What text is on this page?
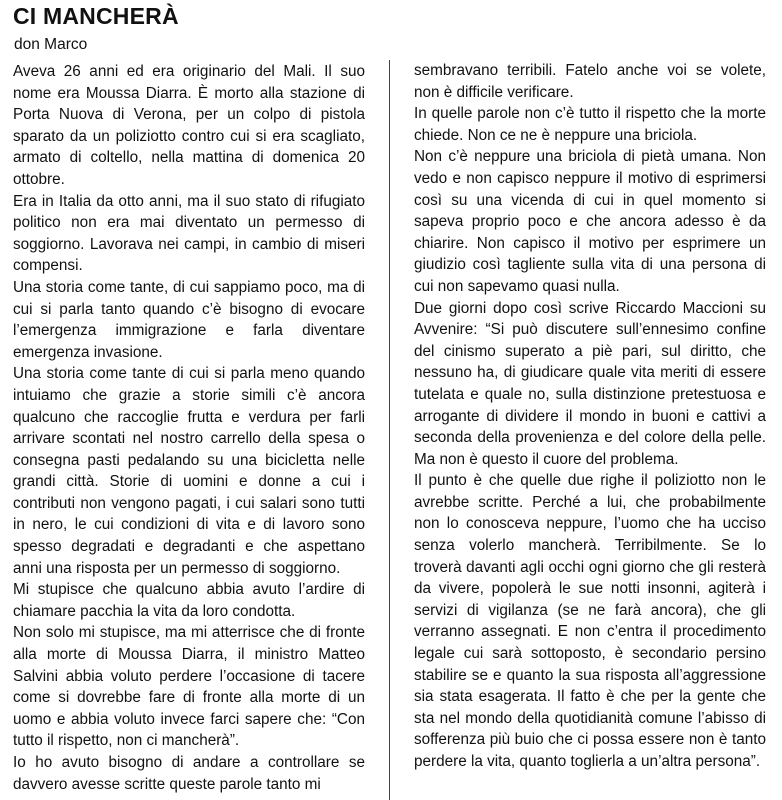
CI MANCHERÀ
don Marco

Aveva 26 anni ed era originario del Mali. Il suo nome era Moussa Diarra. È morto alla stazione di Porta Nuova di Verona, per un colpo di pistola sparato da un poliziotto contro cui si era scagliato, armato di coltello, nella mattina di domenica 20 ottobre.

Era in Italia da otto anni, ma il suo stato di rifugiato politico non era mai diventato un permesso di soggiorno. Lavorava nei campi, in cambio di miseri compensi.

Una storia come tante, di cui sappiamo poco, ma di cui si parla tanto quando c’è bisogno di evocare l’emergenza immigrazione e farla diventare emergenza invasione.

Una storia come tante di cui si parla meno quando intuiamo che grazie a storie simili c’è ancora qualcuno che raccoglie frutta e verdura per farli arrivare scontati nel nostro carrello della spesa o consegna pasti pedalando su una bicicletta nelle grandi città. Storie di uomini e donne a cui i contributi non vengono pagati, i cui salari sono tutti in nero, le cui condizioni di vita e di lavoro sono spesso degradati e degradanti e che aspettano anni una risposta per un permesso di soggiorno.

Mi stupisce che qualcuno abbia avuto l’ardire di chiamare pacchia la vita da loro condotta.

Non solo mi stupisce, ma mi atterrisce che di fronte alla morte di Moussa Diarra, il ministro Matteo Salvini abbia voluto perdere l’occasione di tacere come si dovrebbe fare di fronte alla morte di un uomo e abbia voluto invece farci sapere che: “Con tutto il rispetto, non ci mancherà”.

Io ho avuto bisogno di andare a controllare se davvero avesse scritte queste parole tanto mi

sembravano terribili. Fatelo anche voi se volete, non è difficile verificare.

In quelle parole non c’è tutto il rispetto che la morte chiede. Non ce ne è neppure una briciola.

Non c’è neppure una briciola di pietà umana. Non vedo e non capisco neppure il motivo di esprimersi così su una vicenda di cui in quel momento si sapeva proprio poco e che ancora adesso è da chiarire. Non capisco il motivo per esprimere un giudizio così tagliente sulla vita di una persona di cui non sapevamo quasi nulla.

Due giorni dopo così scrive Riccardo Maccioni su Avvenire: “Si può discutere sull’ennesimo confine del cinismo superato a piè pari, sul diritto, che nessuno ha, di giudicare quale vita meriti di essere tutelata e quale no, sulla distinzione pretestuosa e arrogante di dividere il mondo in buoni e cattivi a seconda della provenienza e del colore della pelle. Ma non è questo il cuore del problema.

Il punto è che quelle due righe il poliziotto non le avrebbe scritte. Perché a lui, che probabilmente non lo conosceva neppure, l’uomo che ha ucciso senza volerlo mancherà. Terribilmente. Se lo troverà davanti agli occhi ogni giorno che gli resterà da vivere, popolerà le sue notti insonni, agiterà i servizi di vigilanza (se ne farà ancora), che gli verranno assegnati. E non c’entra il procedimento legale cui sarà sottoposto, è secondario persino stabilire se e quanto la sua risposta all’aggressione sia stata esagerata. Il fatto è che per la gente che sta nel mondo della quotidianità comune l’abisso di sofferenza più buio che ci possa essere non è tanto perdere la vita, quanto toglierla a un’altra persona”.
